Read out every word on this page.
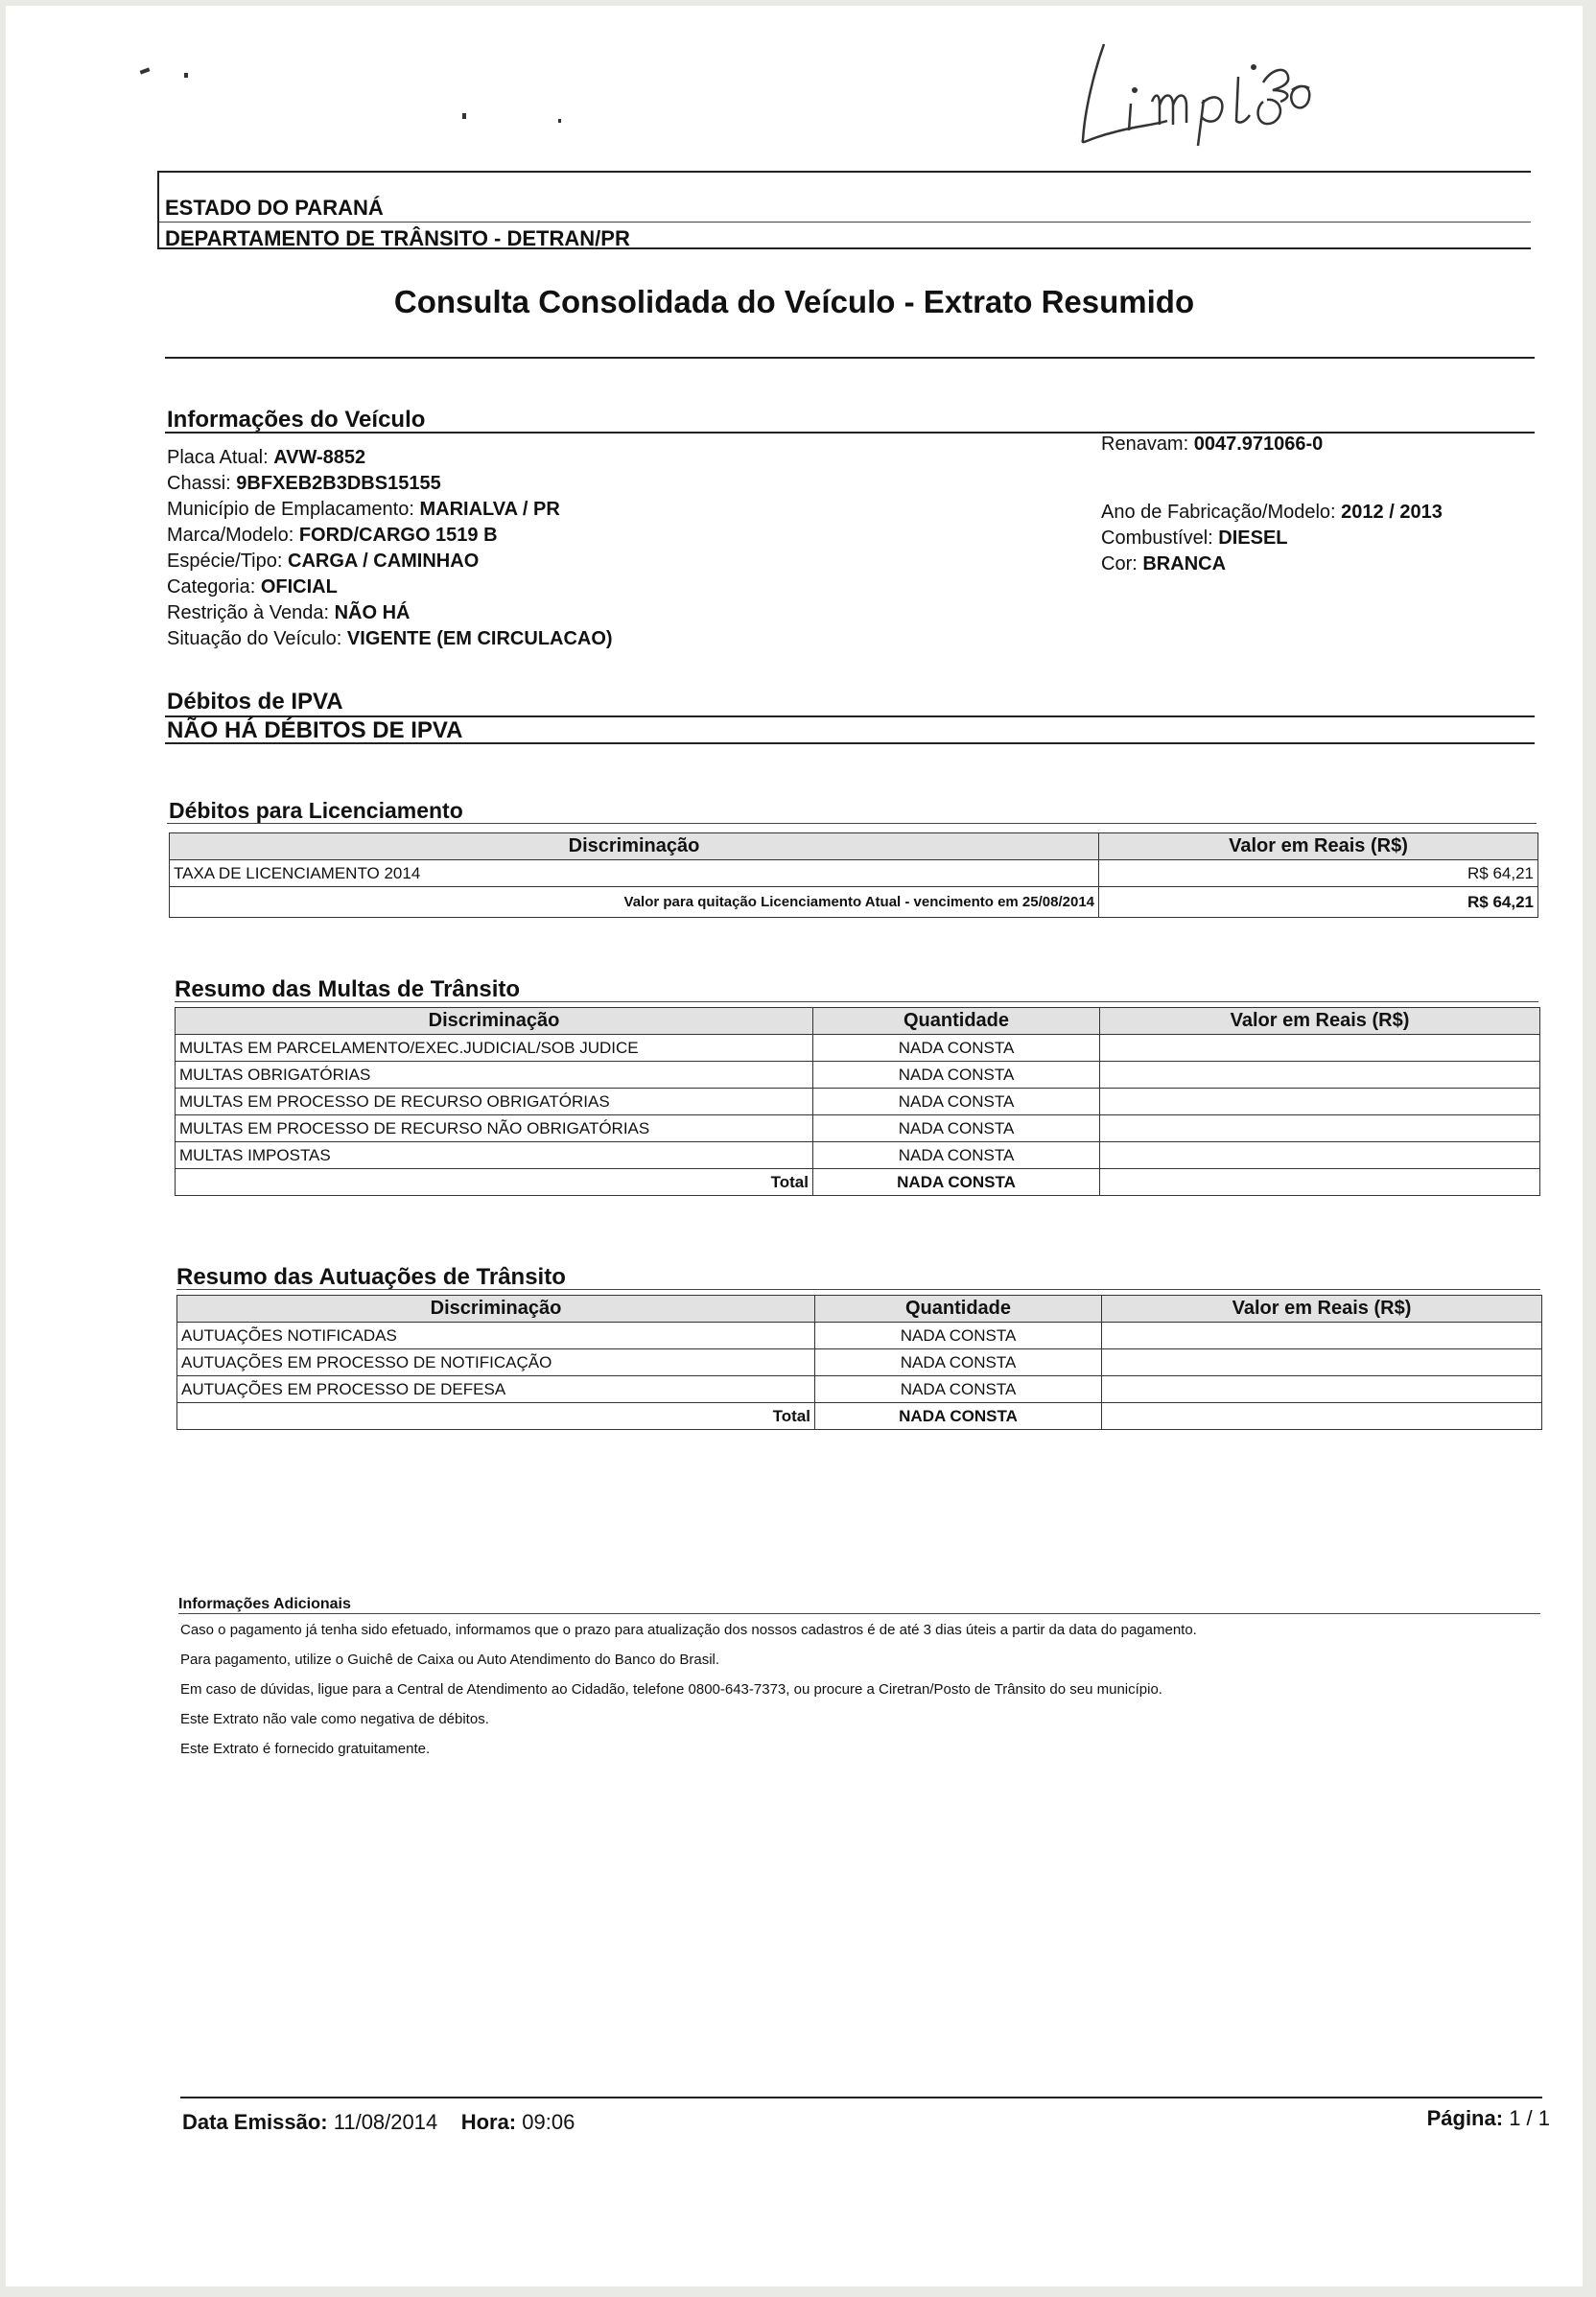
ESTADO DO PARANÁ
DEPARTAMENTO DE TRÂNSITO - DETRAN/PR
Consulta Consolidada do Veículo - Extrato Resumido
Informações do Veículo
Placa Atual: AVW-8852
Chassi: 9BFXEB2B3DBS15155
Município de Emplacamento: MARIALVA / PR
Marca/Modelo: FORD/CARGO 1519 B
Espécie/Tipo: CARGA / CAMINHAO
Categoria: OFICIAL
Restrição à Venda: NÃO HÁ
Situação do Veículo: VIGENTE (EM CIRCULACAO)
Renavam: 0047.971066-0
Ano de Fabricação/Modelo: 2012 / 2013
Combustível: DIESEL
Cor: BRANCA
Débitos de IPVA
NÃO HÁ DÉBITOS DE IPVA
Débitos para Licenciamento
Discriminação	Valor em Reais (R$)
TAXA DE LICENCIAMENTO 2014	R$ 64,21
Valor para quitação Licenciamento Atual - vencimento em 25/08/2014	R$ 64,21
Resumo das Multas de Trânsito
Discriminação	Quantidade	Valor em Reais (R$)
MULTAS EM PARCELAMENTO/EXEC.JUDICIAL/SOB JUDICE	NADA CONSTA	
MULTAS OBRIGATÓRIAS	NADA CONSTA	
MULTAS EM PROCESSO DE RECURSO OBRIGATÓRIAS	NADA CONSTA	
MULTAS EM PROCESSO DE RECURSO NÃO OBRIGATÓRIAS	NADA CONSTA	
MULTAS IMPOSTAS	NADA CONSTA	
Total	NADA CONSTA	
Resumo das Autuações de Trânsito
Discriminação	Quantidade	Valor em Reais (R$)
AUTUAÇÕES NOTIFICADAS	NADA CONSTA	
AUTUAÇÕES EM PROCESSO DE NOTIFICAÇÃO	NADA CONSTA	
AUTUAÇÕES EM PROCESSO DE DEFESA	NADA CONSTA	
Total	NADA CONSTA	
Informações Adicionais
Caso o pagamento já tenha sido efetuado, informamos que o prazo para atualização dos nossos cadastros é de até 3 dias úteis a partir da data do pagamento.
Para pagamento, utilize o Guichê de Caixa ou Auto Atendimento do Banco do Brasil.
Em caso de dúvidas, ligue para a Central de Atendimento ao Cidadão, telefone 0800-643-7373, ou procure a Ciretran/Posto de Trânsito do seu município.
Este Extrato não vale como negativa de débitos.
Este Extrato é fornecido gratuitamente.
Data Emissão: 11/08/2014 Hora: 09:06	Página: 1 / 1
